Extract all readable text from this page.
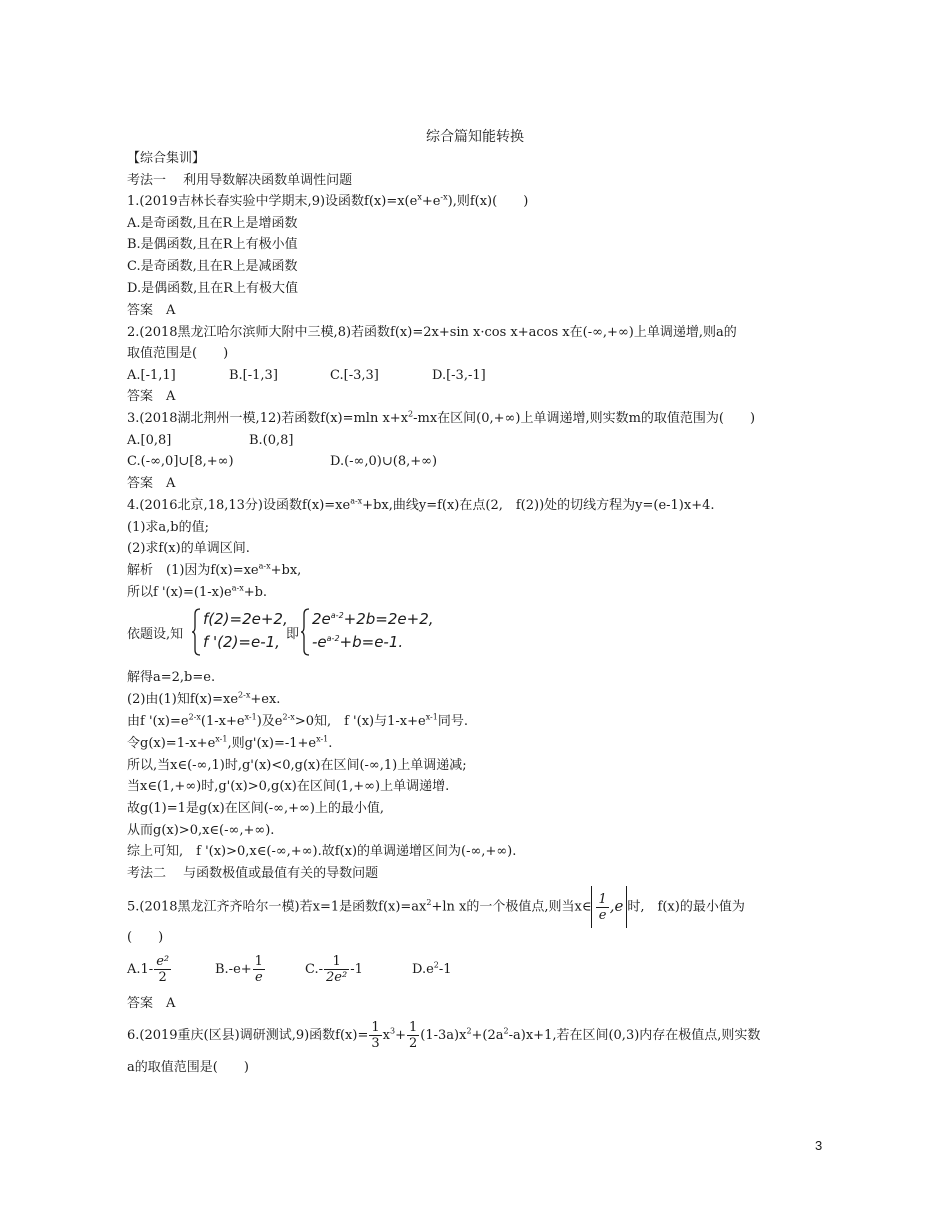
综合篇知能转换
【综合集训】
考法一　 利用导数解决函数单调性问题
1.(2019吉林长春实验中学期末,9)设函数$f(x)=x(e^x+e^{-x})$,则f(x)(　　)
A.是奇函数,且在R上是增函数
B.是偶函数,且在R上有极小值
C.是奇函数,且在R上是减函数
D.是偶函数,且在R上有极大值
答案　A
2.(2018黑龙江哈尔滨师大附中三模,8)若函数f(x)=2x+sin x·cos x+acos x在(-∞,+∞)上单调递增,则a的
取值范围是(　　)
A.[-1,1]	B.[-1,3]	C.[-3,3]	D.[-3,-1]
答案　A
3.(2018湖北荆州一模,12)若函数f(x)=mln $x+x^2-mx$在区间(0,+∞)上单调递增,则实数m的取值范围为(　　)
A.[0,8]	B.(0,8]
C.(-∞,0]∪[8,+∞)	D.(-∞,0)∪(8,+∞)
答案　A
4.(2016北京,18,13分)设函数$f(x)=xe^{a-x}+bx$,曲线y=f(x)在点(2,　f(2))处的切线方程为y=(e-1)x+4.
(1)求a,b的值;
(2)求f(x)的单调区间.
解析　(1)因为$f(x)=xe^{a-x}+bx$,
所以f '$(x)=(1-x)e^{a-x}+b$.
依题设,知
f(2)=2e+2,
f '(2)=e-1, 即
$2e^{a-2}+2b=2e+2$,
$-e^{a-2}+b=e-1$.
解得a=2,b=e.
(2)由(1)知$f(x)=xe^{2-x}+ex$.
由f '$(x)=e^{2-x}(1-x+e^{x-1})$及$e^{2-x}>0$知,　f '(x)与$1-x+e^{x-1}$同号.
令$g(x)=1-x+e^{x-1}$,则$g'(x)=-1+e^{x-1}$.
所以,当x∈(-∞,1)时,g'(x)<0,g(x)在区间(-∞,1)上单调递减;
当x∈(1,+∞)时,g'(x)>0,g(x)在区间(1,+∞)上单调递增.
故g(1)=1是g(x)在区间(-∞,+∞)上的最小值,
从而g(x)>0,x∈(-∞,+∞).
综上可知,　f '(x)>0,x∈(-∞,+∞).故f(x)的单调递增区间为(-∞,+∞).
考法二　 与函数极值或最值有关的导数问题
5.(2018黑龙江齐齐哈尔一模)若x=1是函数$f(x)=ax^2+\ln$ x的一个极值点,则当x∈ $\frac{1}{e} ,e$ 时,　f(x)的最小值为
(　　)
$A.1- \frac{\text{e²}}{2}$	$B.-e+ \frac{1}{e}$	$C.- \frac{1}{\text{2e²}} -1$	$D.e^2-1$
答案　A
6.(2019重庆(区县)调研测试,9)函数$f(x)= \frac{1}{3} x^3+ \frac{1}{2} (1-3a)x^2+(2a^2-a)x+1$,若在区间(0,3)内存在极值点,则实数
a的取值范围是(　　)
3
